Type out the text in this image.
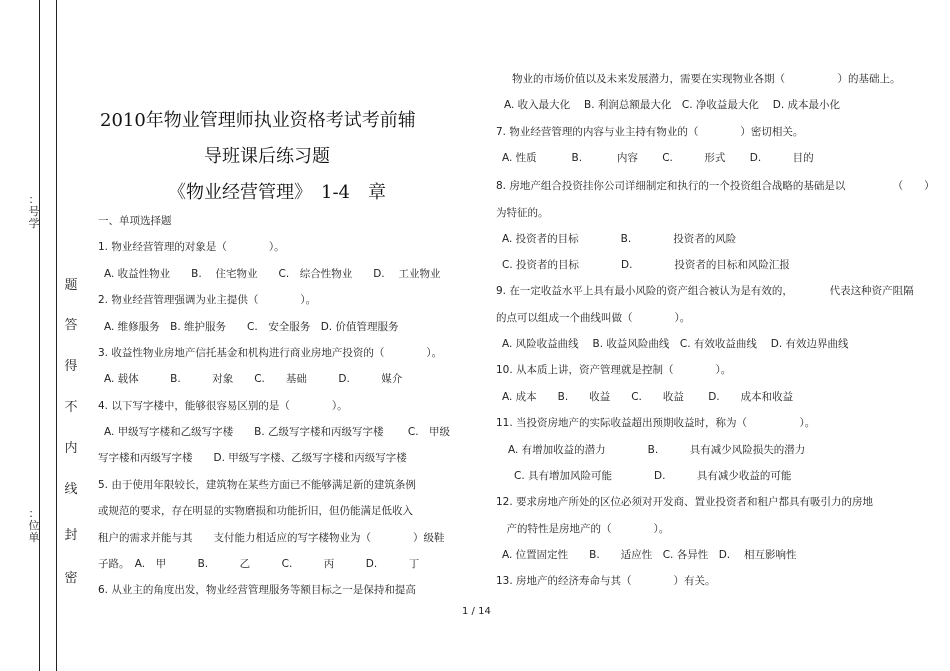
：
号学
：
位单
题
答
得
不
内
线
封
密
2010年物业管理师执业资格考试考前辅
导班课后练习题
《物业经营管理》　1-4　章
一、单项选择题
1. 物业经营管理的对象是（　　　　）。
A. 收益性物业　　B.　 住宅物业　　C.　综合性物业　　D.　 工业物业
2. 物业经营管理强调为业主提供（　　　　）。
A. 维修服务　B. 维护服务　　C.　安全服务　D. 价值管理服务
3. 收益性物业房地产信托基金和机构进行商业房地产投资的（　　　　）。
A. 载体　　　B.　　　对象　　C.　　基础　　　D.　　　媒介
4. 以下写字楼中，能够很容易区别的是（　　　　）。
A. 甲级写字楼和乙级写字楼　　B. 乙级写字楼和丙级写字楼　　 C.　甲级
写字楼和丙级写字楼　　D. 甲级写字楼、乙级写字楼和丙级写字楼
5. 由于使用年限较长，建筑物在某些方面已不能够满足新的建筑条例
或规范的要求，存在明显的实物磨损和功能折旧，但仍能满足低收入
租户的需求并能与其　　支付能力相适应的写字楼物业为（　　　　）级鞋
子路。　A.　甲　　　B.　　　乙　　　C.　　　丙　　　D.　　　丁
6. 从业主的角度出发，物业经营管理服务等额目标之一是保持和提高
物业的市场价值以及未来发展潜力，需要在实现物业各期（　　　　　）的基础上。
A. 收入最大化　 B. 利润总额最大化　C. 净收益最大化　 D. 成本最小化
7. 物业经营管理的内容与业主持有物业的（　　　　）密切相关。
A. 性质　　　 B.　　　 内容　　 C.　　　形式　　 D.　　　目的
8. 房地产组合投资挂你公司详细制定和执行的一个投资组合战略的基础是以　　　　　（　　）
为特征的。
A. 投资者的目标　　　　B.　　　　投资者的风险
C. 投资者的目标　　　　D.　　　　投资者的目标和风险汇报
9. 在一定收益水平上具有最小风险的资产组合被认为是有效的，　　　　代表这种资产阻隔
的点可以组成一个曲线叫做（　　　　）。
A. 风险收益曲线　 B. 收益风险曲线　C. 有效收益曲线　 D. 有效边界曲线
10. 从本质上讲，资产管理就是控制（　　　　）。
A. 成本　　B.　　收益　　C.　　收益　　 D.　　成本和收益
11. 当投资房地产的实际收益超出预期收益时，称为（　　　　　）。
A. 有增加收益的潜力　　　　B.　　　具有减少风险损失的潜力
C. 具有增加风险可能　　　　D.　　　具有减少收益的可能
12. 要求房地产所处的区位必须对开发商、置业投资者和租户都具有吸引力的房地
　产的特性是房地产的（　　　　）。
A. 位置固定性　　B.　　适应性　C. 各异性　D.　 相互影响性
13. 房地产的经济寿命与其（　　　　）有关。
1 / 14
